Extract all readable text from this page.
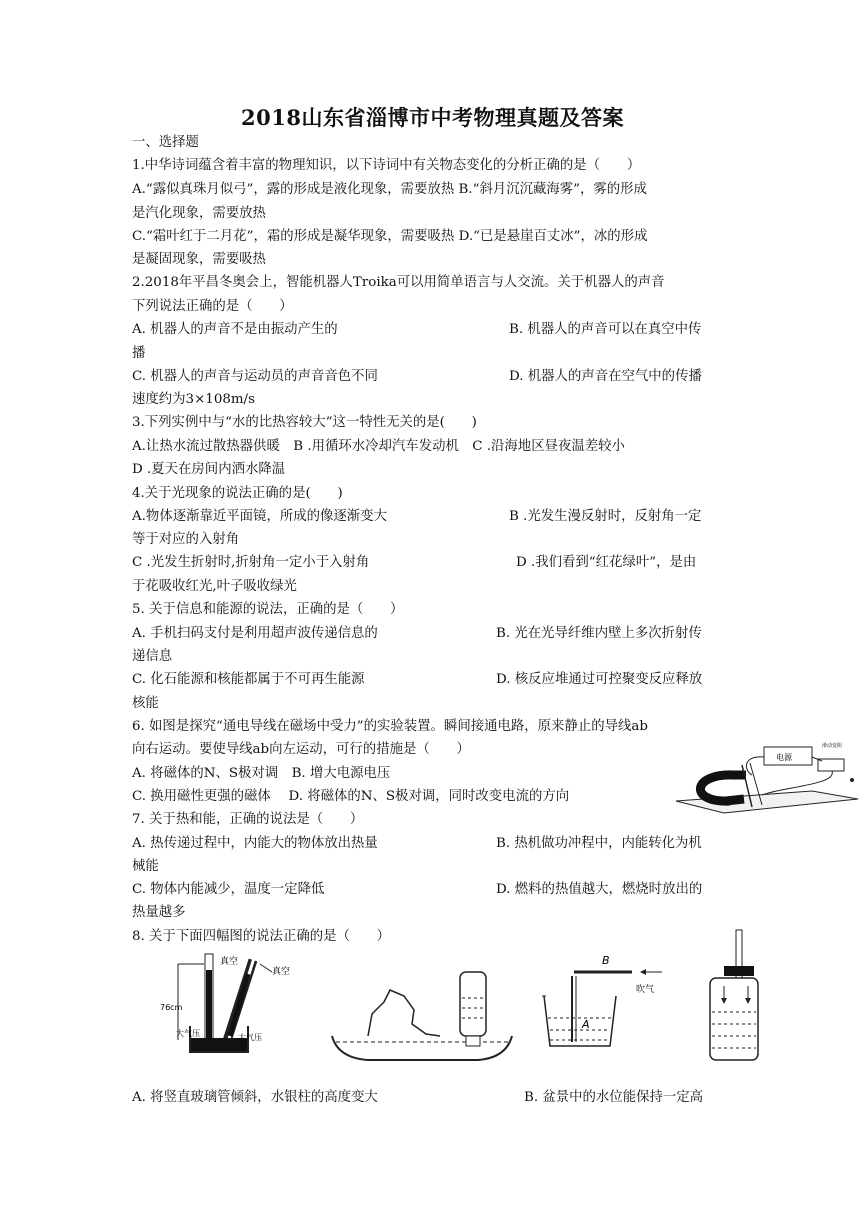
2018山东省淄博市中考物理真题及答案
一、选择题
1.中华诗词蕴含着丰富的物理知识，以下诗词中有关物态变化的分析正确的是（　　）
A.“露似真珠月似弓”，露的形成是液化现象，需要放热 B.“斜月沉沉藏海雾”，雾的形成
是汽化现象，需要放热
C.“霜叶红于二月花”，霜的形成是凝华现象，需要吸热 D.“已是悬崖百丈冰”，冰的形成
是凝固现象，需要吸热
2.2018年平昌冬奥会上，智能机器人Troika可以用简单语言与人交流。关于机器人的声音
下列说法正确的是（　　）
A. 机器人的声音不是由振动产生的	B. 机器人的声音可以在真空中传
播
C. 机器人的声音与运动员的声音音色不同	D. 机器人的声音在空气中的传播
速度约为3×108m/s
3.下列实例中与“水的比热容较大”这一特性无关的是(　　)
A.让热水流过散热器供暖　B .用循环水冷却汽车发动机　C .沿海地区昼夜温差较小
D .夏天在房间内洒水降温
4.关于光现象的说法正确的是(　　)
A.物体逐渐靠近平面镜，所成的像逐渐变大	B .光发生漫反射时，反射角一定
等于对应的入射角
C .光发生折射时,折射角一定小于入射角	D .我们看到“红花绿叶”，是由
于花吸收红光,叶子吸收绿光
5. 关于信息和能源的说法，正确的是（　　）
A. 手机扫码支付是利用超声波传递信息的	B. 光在光导纤维内壁上多次折射传
递信息
C. 化石能源和核能都属于不可再生能源	D. 核反应堆通过可控聚变反应释放
核能
6. 如图是探究“通电导线在磁场中受力”的实验装置。瞬间接通电路，原来静止的导线ab
向右运动。要使导线ab向左运动，可行的措施是（　　）
A. 将磁体的N、S极对调　B. 增大电源电压
C. 换用磁性更强的磁体　 D. 将磁体的N、S极对调，同时改变电流的方向
电源
滑动变阻
7. 关于热和能，正确的说法是（　　）
A. 热传递过程中，内能大的物体放出热量	B. 热机做功冲程中，内能转化为机
械能
C. 物体内能减少，温度一定降低	D. 燃料的热值越大，燃烧时放出的
热量越多
8. 关于下面四幅图的说法正确的是（　　）
真空
真空
76cm
大气压	大气压
B
吹气
A
A. 将竖直玻璃管倾斜，水银柱的高度变大	B. 盆景中的水位能保持一定高
